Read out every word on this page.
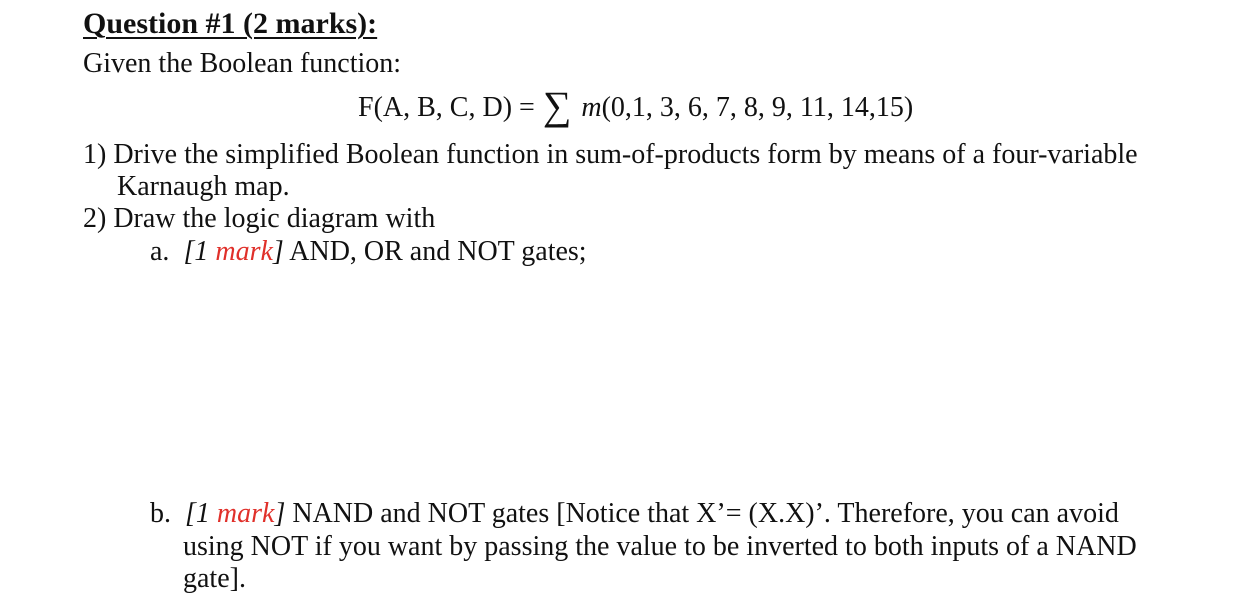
Question #1 (2 marks):
Given the Boolean function:
F(A, B, C, D) = ∑ m (0,1, 3, 6, 7, 8, 9, 11, 14,15)
1) Drive the simplified Boolean function in sum-of-products form by means of a four-variable
Karnaugh map.
2) Draw the logic diagram with
a. [1 mark] AND, OR and NOT gates;
b. [1 mark] NAND and NOT gates [Notice that X’= (X.X)’. Therefore, you can avoid
using NOT if you want by passing the value to be inverted to both inputs of a NAND
gate].
